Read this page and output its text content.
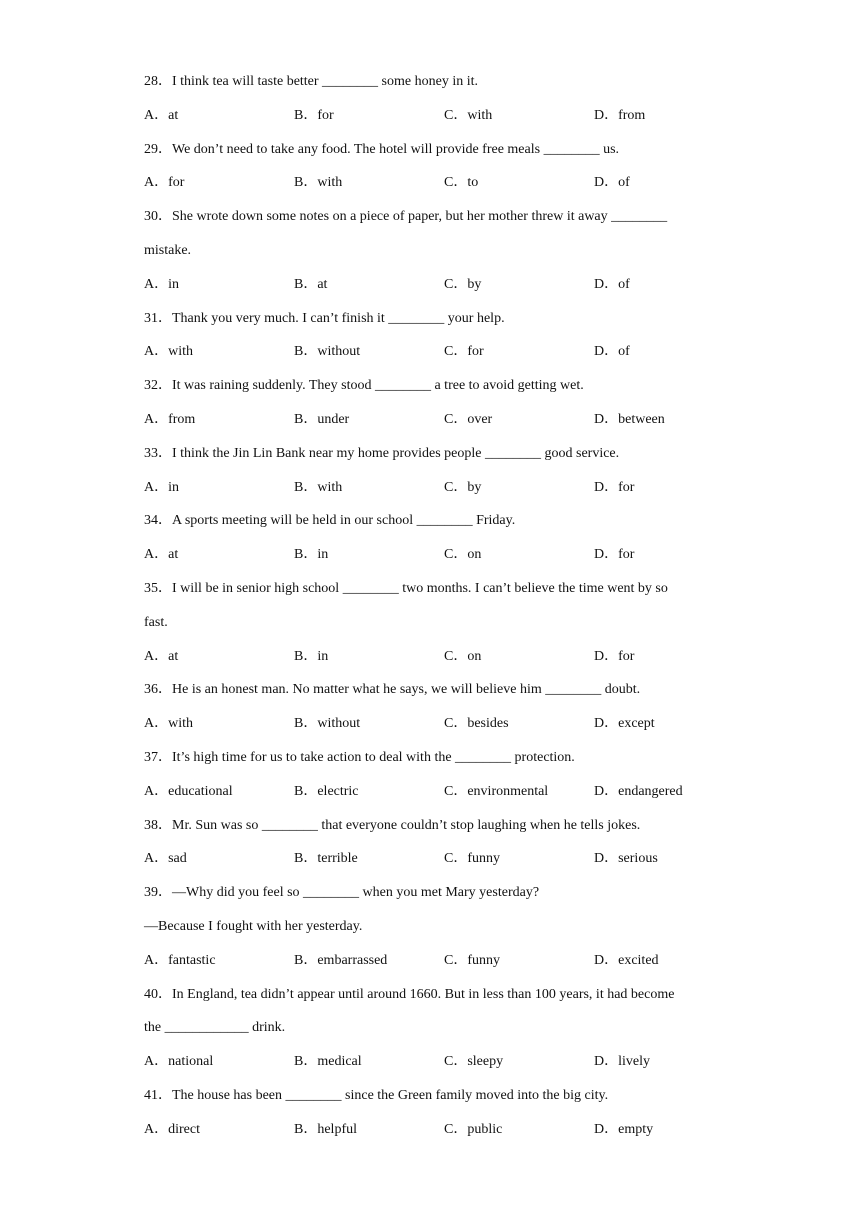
28．I think tea will taste better ________ some honey in it.
A．at	B．for	C．with	D．from
29．We don’t need to take any food. The hotel will provide free meals ________ us.
A．for	B．with	C．to	D．of
30．She wrote down some notes on a piece of paper, but her mother threw it away ________
mistake.
A．in	B．at	C．by	D．of
31．Thank you very much. I can’t finish it ________ your help.
A．with	B．without	C．for	D．of
32．It was raining suddenly. They stood ________ a tree to avoid getting wet.
A．from	B．under	C．over	D．between
33．I think the Jin Lin Bank near my home provides people ________ good service.
A．in	B．with	C．by	D．for
34．A sports meeting will be held in our school ________ Friday.
A．at	B．in	C．on	D．for
35．I will be in senior high school ________ two months. I can’t believe the time went by so
fast.
A．at	B．in	C．on	D．for
36．He is an honest man. No matter what he says, we will believe him ________ doubt.
A．with	B．without	C．besides	D．except
37．It’s high time for us to take action to deal with the ________ protection.
A．educational	B．electric	C．environmental	D．endangered
38．Mr. Sun was so ________ that everyone couldn’t stop laughing when he tells jokes.
A．sad	B．terrible	C．funny	D．serious
39．—Why did you feel so ________ when you met Mary yesterday?
—Because I fought with her yesterday.
A．fantastic	B．embarrassed	C．funny	D．excited
40．In England, tea didn’t appear until around 1660. But in less than 100 years, it had become
the ____________ drink.
A．national	B．medical	C．sleepy	D．lively
41．The house has been ________ since the Green family moved into the big city.
A．direct	B．helpful	C．public	D．empty
